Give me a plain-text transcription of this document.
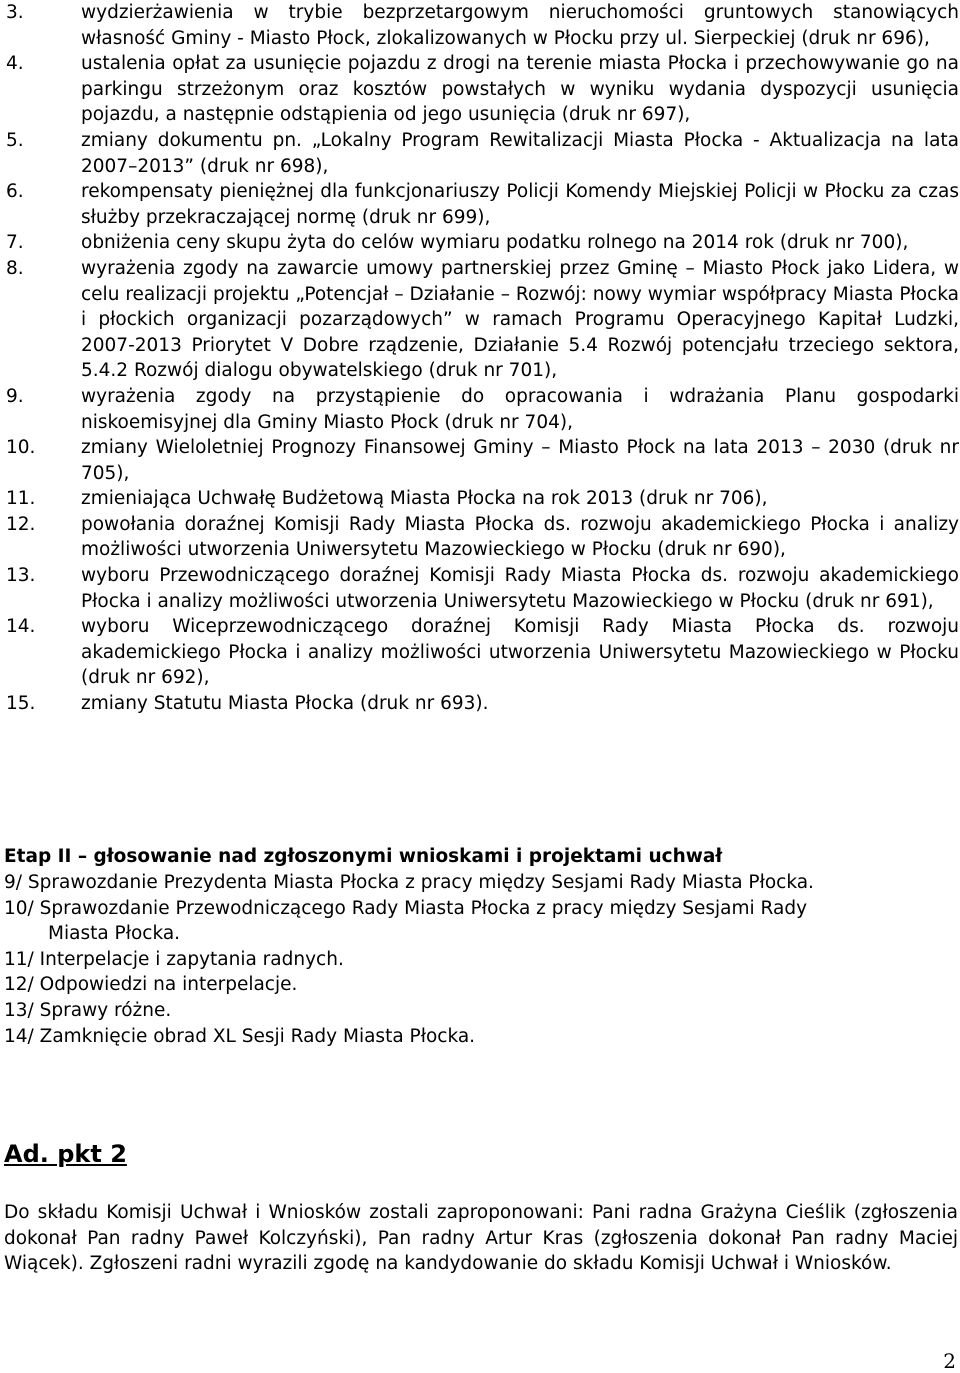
3.	wydzierżawienia w trybie bezprzetargowym nieruchomości gruntowych stanowiących własność Gminy - Miasto Płock, zlokalizowanych w Płocku przy ul. Sierpeckiej (druk nr 696),
4.	ustalenia opłat za usunięcie pojazdu z drogi na terenie miasta Płocka i przechowywanie go na parkingu strzeżonym oraz kosztów powstałych w wyniku wydania dyspozycji usunięcia pojazdu, a następnie odstąpienia od jego usunięcia (druk nr 697),
5.	zmiany dokumentu pn. „Lokalny Program Rewitalizacji Miasta Płocka - Aktualizacja na lata 2007–2013” (druk nr 698),
6.	rekompensaty pieniężnej dla funkcjonariuszy Policji Komendy Miejskiej Policji w Płocku za czas służby przekraczającej normę (druk nr 699),
7.	obniżenia ceny skupu żyta do celów wymiaru podatku rolnego na 2014 rok (druk nr 700),
8.	wyrażenia zgody na zawarcie umowy partnerskiej przez Gminę – Miasto Płock jako Lidera, w celu realizacji projektu „Potencjał – Działanie – Rozwój: nowy wymiar współpracy Miasta Płocka i płockich organizacji pozarządowych” w ramach Programu Operacyjnego Kapitał Ludzki, 2007-2013 Priorytet V Dobre rządzenie, Działanie 5.4 Rozwój potencjału trzeciego sektora, 5.4.2 Rozwój dialogu obywatelskiego (druk nr 701),
9.	wyrażenia zgody na przystąpienie do opracowania i wdrażania Planu gospodarki niskoemisyjnej dla Gminy Miasto Płock (druk nr 704),
10. zmiany Wieloletniej Prognozy Finansowej Gminy – Miasto Płock na lata 2013 – 2030 (druk nr 705),
11. zmieniająca Uchwałę Budżetową Miasta Płocka na rok 2013 (druk nr 706),
12. powołania doraźnej Komisji Rady Miasta Płocka ds. rozwoju akademickiego Płocka i analizy możliwości utworzenia Uniwersytetu Mazowieckiego w Płocku (druk nr 690),
13. wyboru Przewodniczącego doraźnej Komisji Rady Miasta Płocka ds. rozwoju akademickiego Płocka i analizy możliwości utworzenia Uniwersytetu Mazowieckiego w Płocku (druk nr 691),
14. wyboru Wiceprzewodniczącego doraźnej Komisji Rady Miasta Płocka ds. rozwoju akademickiego Płocka i analizy możliwości utworzenia Uniwersytetu Mazowieckiego w Płocku (druk nr 692),
15. zmiany Statutu Miasta Płocka (druk nr 693).
Etap II – głosowanie nad zgłoszonymi wnioskami i projektami uchwał
9/ Sprawozdanie Prezydenta Miasta Płocka z pracy między Sesjami Rady Miasta Płocka.
10/ Sprawozdanie Przewodniczącego Rady Miasta Płocka z pracy między Sesjami Rady
Miasta Płocka.
11/ Interpelacje i zapytania radnych.
12/ Odpowiedzi na interpelacje.
13/ Sprawy różne.
14/ Zamknięcie obrad XL Sesji Rady Miasta Płocka.
Ad. pkt 2
Do składu Komisji Uchwał i Wniosków zostali zaproponowani: Pani radna Grażyna Cieślik (zgłoszenia dokonał Pan radny Paweł Kolczyński), Pan radny Artur Kras (zgłoszenia dokonał Pan radny Maciej Wiącek). Zgłoszeni radni wyrazili zgodę na kandydowanie do składu Komisji Uchwał i Wniosków.
2
